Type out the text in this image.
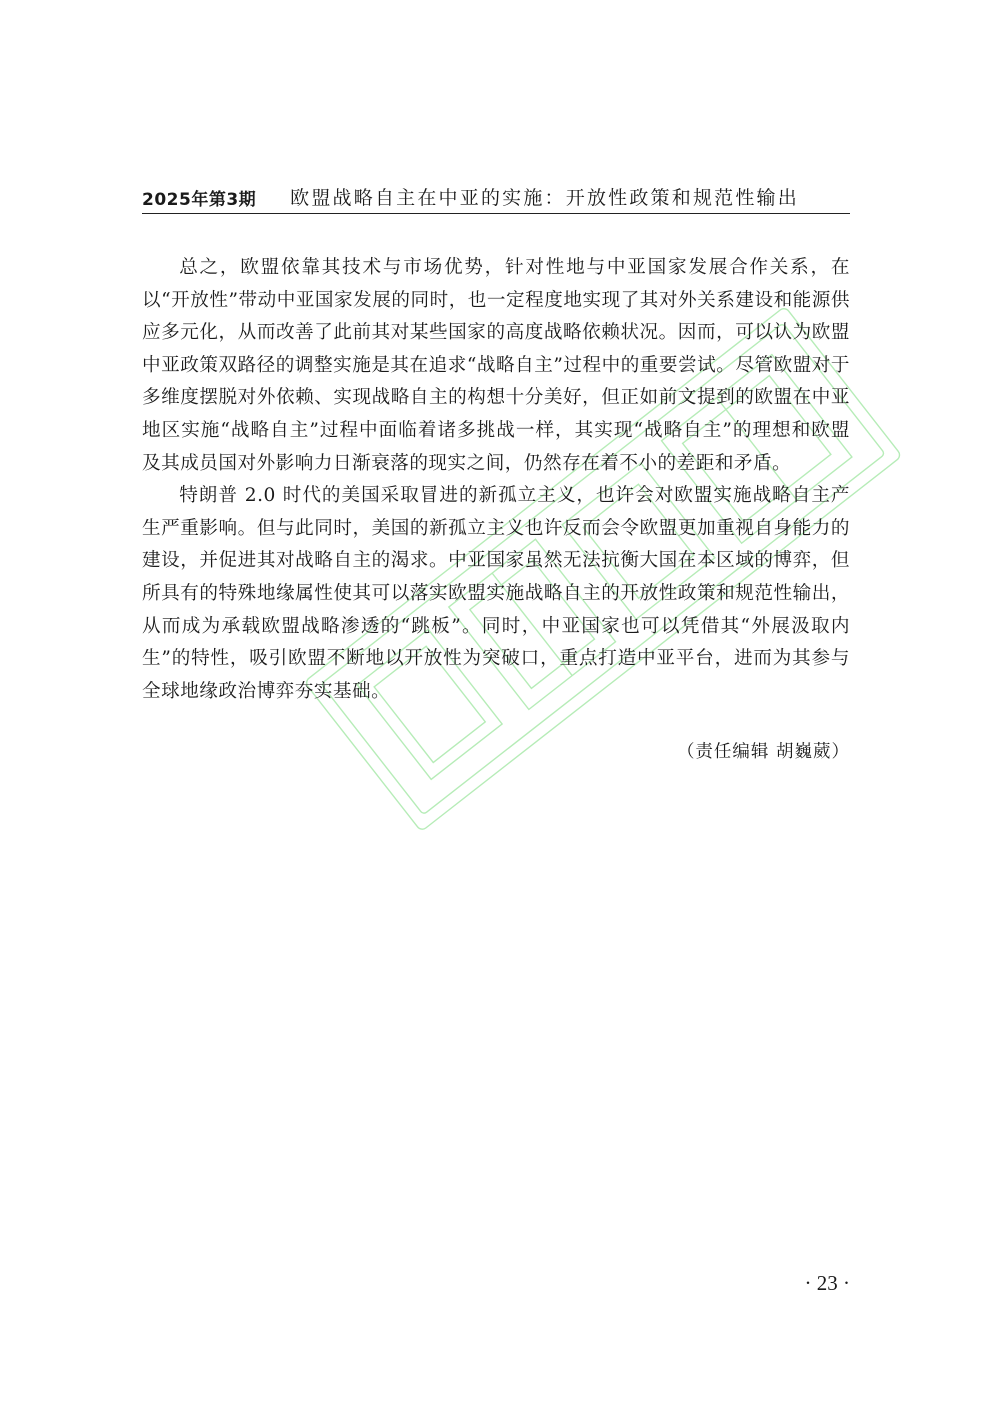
2025年第3期 欧盟战略自主在中亚的实施：开放性政策和规范性输出

总之，欧盟依靠其技术与市场优势，针对性地与中亚国家发展合作关系，在以“开放性”带动中亚国家发展的同时，也一定程度地实现了其对外关系建设和能源供应多元化，从而改善了此前其对某些国家的高度战略依赖状况。因而，可以认为欧盟中亚政策双路径的调整实施是其在追求“战略自主”过程中的重要尝试。尽管欧盟对于多维度摆脱对外依赖、实现战略自主的构想十分美好，但正如前文提到的欧盟在中亚地区实施“战略自主”过程中面临着诸多挑战一样，其实现“战略自主”的理想和欧盟及其成员国对外影响力日渐衰落的现实之间，仍然存在着不小的差距和矛盾。

特朗普 2.0 时代的美国采取冒进的新孤立主义，也许会对欧盟实施战略自主产生严重影响。但与此同时，美国的新孤立主义也许反而会令欧盟更加重视自身能力的建设，并促进其对战略自主的渴求。中亚国家虽然无法抗衡大国在本区域的博弈，但所具有的特殊地缘属性使其可以落实欧盟实施战略自主的开放性政策和规范性输出，从而成为承载欧盟战略渗透的“跳板”。同时，中亚国家也可以凭借其“外展汲取内生”的特性，吸引欧盟不断地以开放性为突破口，重点打造中亚平台，进而为其参与全球地缘政治博弈夯实基础。

（责任编辑 胡巍葳）
· 23 ·
